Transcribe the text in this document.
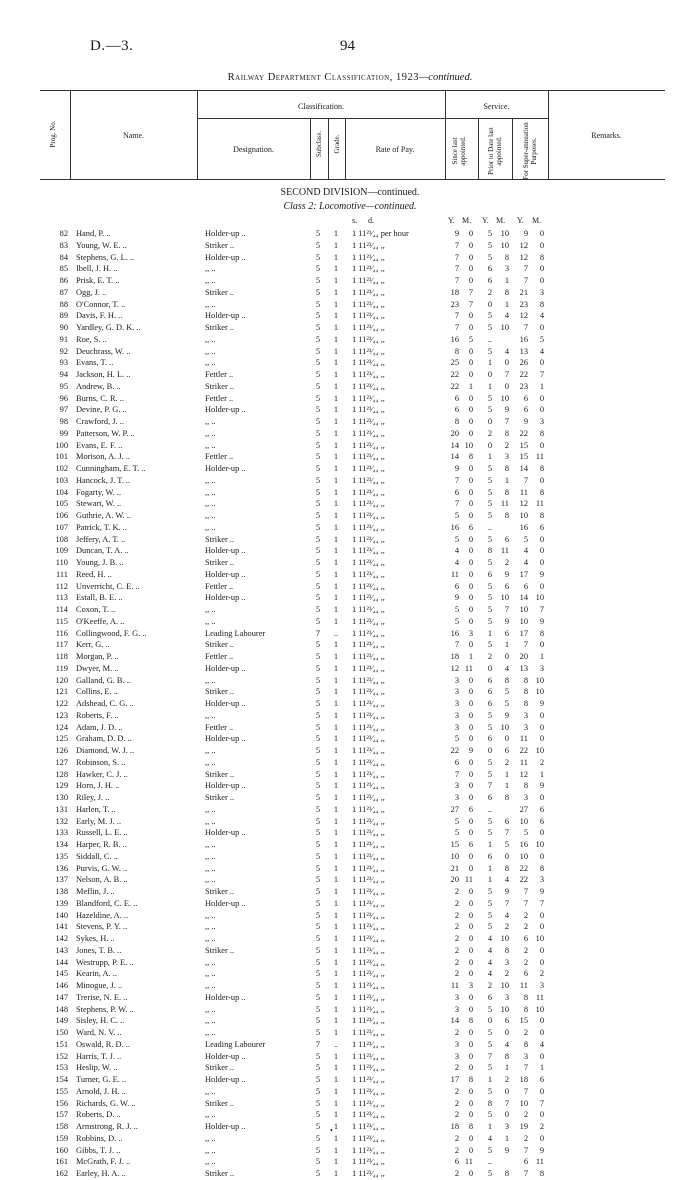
D.—3.	94
Railway Department Classification, 1923—continued.
Prog. No.	Name.
Classification.
Designation.	Subclass. Grade.	Rate of Pay.
Service.
Since last appointed.	Prior to Date last appointed.	For Super-annuation Purposes.
Remarks.
SECOND DIVISION—continued.
Class 2: Locomotive—continued.
s. d.	Y. M. Y. M. Y. M.
82 Hand, P. ..	Holder-up ..	5	1	1 11²³⁄₄₄ per hour	9	0	5	10	9	0
83 Young, W. E. ..	Striker ..	5	1	1 11²³⁄₄₄ ,,	7	0	5	10	12	0
84 Stephens, G. L. ..	Holder-up ..	5	1	1 11²³⁄₄₄ ,,	7	0	5	8	12	8
85 Ibell, J. H. ..	,, ..	5	1	1 11²³⁄₄₄ ,,	7	0	6	3	7	0
86 Prisk, E. T. ..	,, ..	5	1	1 11²³⁄₄₄ ,,	7	0	6	1	7	0
87 Ogg, J. ..	Striker ..	5	1	1 11²³⁄₄₄ ,,	18	7	2	8	21	3
88 O'Connor, T. ..	,, ..	5	1	1 11²³⁄₄₄ ,,	23	7	0	1	23	8
89 Davis, F. H. ..	Holder-up ..	5	1	1 11²³⁄₄₄ ,,	7	0	5	4	12	4
90 Yardley, G. D. K. ..	Striker ..	5	1	1 11²³⁄₄₄ ,,	7	0	5	10	7	0
91 Roe, S. ..	,, ..	5	1	1 11²³⁄₄₄ ,,	16	5	..	16	5
92 Deuchrass, W. ..	,, ..	5	1	1 11²³⁄₄₄ ,,	8	0	5	4	13	4
93 Evans, T. ..	,, ..	5	1	1 11²³⁄₄₄ ,,	25	0	1	0	26	0
94 Jackson, H. L. ..	Fettler ..	5	1	1 11²³⁄₄₄ ,,	22	0	0	7	22	7
95 Andrew, B. ..	Striker ..	5	1	1 11²³⁄₄₄ ,,	22	1	1	0	23	1
96 Burns, C. R. ..	Fettler ..	5	1	1 11²³⁄₄₄ ,,	6	0	5	10	6	0
97 Devine, P. G. ..	Holder-up ..	5	1	1 11²³⁄₄₄ ,,	6	0	5	9	6	0
98 Crawford, J. ..	,, ..	5	1	1 11²³⁄₄₄ ,,	8	0	0	7	9	3
99 Patterson, W. P. ..	,, ..	5	1	1 11²³⁄₄₄ ,,	20	0	2	8	22	8
100 Evans, E. F. ..	,, ..	5	1	1 11²³⁄₄₄ ,,	14 10	0	2	15	0
101 Morison, A. J. ..	Fettler ..	5	1	1 11²³⁄₄₄ ,,	14	8	1	3	15 11
102 Cunningham, E. T. ..	Holder-up ..	5	1	1 11²³⁄₄₄ ,,	9	0	5	8	14	8
103 Hancock, J. T. ..	,, ..	5	1	1 11²³⁄₄₄ ,,	7	0	5	1	7	0
104 Fogarty, W. ..	,, ..	5	1	1 11²³⁄₄₄ ,,	6	0	5	8	11	8
105 Stewart, W. ..	,, ..	5	1	1 11²³⁄₄₄ ,,	7	0	5	11	12 11
106 Guthrie, A. W. ..	,, ..	5	1	1 11²³⁄₄₄ ,,	5	0	5	8	10	8
107 Patrick, T. K. ..	,, ..	5	1	1 11²³⁄₄₄ ,,	16	6	..	16	6
108 Jeffery, A. T. ..	Striker ..	5	1	1 11²³⁄₄₄ ,,	5	0	5	6	5	0
109 Duncan, T. A. ..	Holder-up ..	5	1	1 11²³⁄₄₄ ,,	4	0	8	11	4	0
110 Young, J. B. ..	Striker ..	5	1	1 11²³⁄₄₄ ,,	4	0	5	2	4	0
111 Reed, H. ..	Holder-up ..	5	1	1 11²³⁄₄₄ ,,	11	0	6	9	17	9
112 Unverricht, C. E. ..	Fettler ..	5	1	1 11²³⁄₄₄ ,,	6	0	5	6	6	0
113 Estall, B. E. ..	Holder-up ..	5	1	1 11²³⁄₄₄ ,,	9	0	5	10	14 10
114 Coxon, T. ..	,, ..	5	1	1 11²³⁄₄₄ ,,	5	0	5	7	10	7
115 O'Keeffe, A. ..	,, ..	5	1	1 11²³⁄₄₄ ,,	5	0	5	9	10	9
116 Collingwood, F. G. ..	Leading Labourer	7	..	1 11²³⁄₄₄ ,,	16	3	1	6	17	8
117 Kerr, G. ..	Striker ..	5	1	1 11²³⁄₄₄ ,,	7	0	5	1	7	0
118 Morgan, P. ..	Fettler ..	5	1	1 11²³⁄₄₄ ,,	18	1	2	0	20	1
119 Dwyer, M. ..	Holder-up ..	5	1	1 11²³⁄₄₄ ,,	12 11	0	4	13	3
120 Galland, G. B. ..	,, ..	5	1	1 11²³⁄₄₄ ,,	3	0	6	8	8 10
121 Collins, E. ..	Striker ..	5	1	1 11²³⁄₄₄ ,,	3	0	6	5	8 10
122 Adshead, C. G. ..	Holder-up ..	5	1	1 11²³⁄₄₄ ,,	3	0	6	5	8	9
123 Roberts, F. ..	,, ..	5	1	1 11²³⁄₄₄ ,,	3	0	5	9	3	0
124 Adam, J. D. ..	Fettler ..	5	1	1 11²³⁄₄₄ ,,	3	0	5	10	3	0
125 Graham, D. D. ..	Holder-up ..	5	1	1 11²³⁄₄₄ ,,	5	0	6	0	11	0
126 Diamond, W. J. ..	,, ..	5	1	1 11²³⁄₄₄ ,,	22	9	0	6	22 10
127 Robinson, S. ..	,, ..	5	1	1 11²³⁄₄₄ ,,	6	0	5	2	11	2
128 Hawker, C. J. ..	Striker ..	5	1	1 11²³⁄₄₄ ,,	7	0	5	1	12	1
129 Horn, J. H. ..	Holder-up ..	5	1	1 11²³⁄₄₄ ,,	3	0	7	1	8	9
130 Riley, J. ..	Striker ..	5	1	1 11²³⁄₄₄ ,,	3	0	6	8	3	0
131 Harlen, T. ..	,, ..	5	1	1 11²³⁄₄₄ ,,	27	6	..	27	6
132 Early, M. J. ..	,, ..	5	1	1 11²³⁄₄₄ ,,	5	0	5	6	10	6
133 Russell, L. E. ..	Holder-up ..	5	1	1 11²³⁄₄₄ ,,	5	0	5	7	5	0
134 Harper, R. B. ..	,, ..	5	1	1 11²³⁄₄₄ ,,	15	6	1	5	16 10
135 Siddall, C. ..	,, ..	5	1	1 11²³⁄₄₄ ,,	10	0	6	0	10	0
136 Purvis, G. W. ..	,, ..	5	1	1 11²³⁄₄₄ ,,	21	0	1	8	22	8
137 Nelson, A. B. ..	,, ..	5	1	1 11²³⁄₄₄ ,,	20 11	1	4	22	3
138 Meflin, J. ..	Striker ..	5	1	1 11²³⁄₄₄ ,,	2	0	5	9	7	9
139 Blandford, C. E. ..	Holder-up ..	5	1	1 11²³⁄₄₄ ,,	2	0	5	7	7	7
140 Hazeldine, A. ..	,, ..	5	1	1 11²³⁄₄₄ ,,	2	0	5	4	2	0
141 Stevens, P. Y. ..	,, ..	5	1	1 11²³⁄₄₄ ,,	2	0	5	2	2	0
142 Sykes, H. ..	,, ..	5	1	1 11²³⁄₄₄ ,,	2	0	4	10	6 10
143 Jones, T. B. ..	Striker ..	5	1	1 11²³⁄₄₄ ,,	2	0	4	8	2	0
144 Westrupp, P. E. ..	,, ..	5	1	1 11²³⁄₄₄ ,,	2	0	4	3	2	0
145 Kearin, A. ..	,, ..	5	1	1 11²³⁄₄₄ ,,	2	0	4	2	6	2
146 Minogue, J. ..	,, ..	5	1	1 11²³⁄₄₄ ,,	11	3	2	10	11	3
147 Trerise, N. E. ..	Holder-up ..	5	1	1 11²³⁄₄₄ ,,	3	0	6	3	8 11
148 Stephens, P. W. ..	,, ..	5	1	1 11²³⁄₄₄ ,,	3	0	5	10	8 10
149 Sisley, H. C. ..	,, ..	5	1	1 11²³⁄₄₄ ,,	14	8	0	6	15	0
150 Ward, N. V. ..	,, ..	5	1	1 11²³⁄₄₄ ,,	2	0	5	0	2	0
151 Oswald, R. D. ..	Leading Labourer	7	..	1 11²³⁄₄₄ ,,	3	0	5	4	8	4
152 Harris, T. J. ..	Holder-up ..	5	1	1 11²³⁄₄₄ ,,	3	0	7	8	3	0
153 Heslip, W. ..	Striker ..	5	1	1 11²³⁄₄₄ ,,	2	0	5	1	7	1
154 Turner, G. E. ..	Holder-up ..	5	1	1 11²³⁄₄₄ ,,	17	8	1	2	18	6
155 Arnold, J. H. ..	,, ..	5	1	1 11²³⁄₄₄ ,,	2	0	5	0	7	0
156 Richards, G. W. ..	Striker ..	5	1	1 11²³⁄₄₄ ,,	2	0	8	7	10	7
157 Roberts, D. ..	,, ..	5	1	1 11²³⁄₄₄ ,,	2	0	5	0	2	0
158 Armstrong, R. J. ..	Holder-up ..	5	1	1 11²³⁄₄₄ ,,	18	8	1	3	19	2
159 Robbins, D. ..	,, ..	5	1	1 11²³⁄₄₄ ,,	2	0	4	1	2	0
160 Gibbs, T. J. ..	,, ..	5	1	1 11²³⁄₄₄ ,,	2	0	5	9	7	9
161 McGrath, F. J. ..	,, ..	5	1	1 11²³⁄₄₄ ,,	6 11	..	6 11
162 Earley, H. A. ..	Striker ..	5	1	1 11²³⁄₄₄ ,,	2	0	5	8	7	8
•
